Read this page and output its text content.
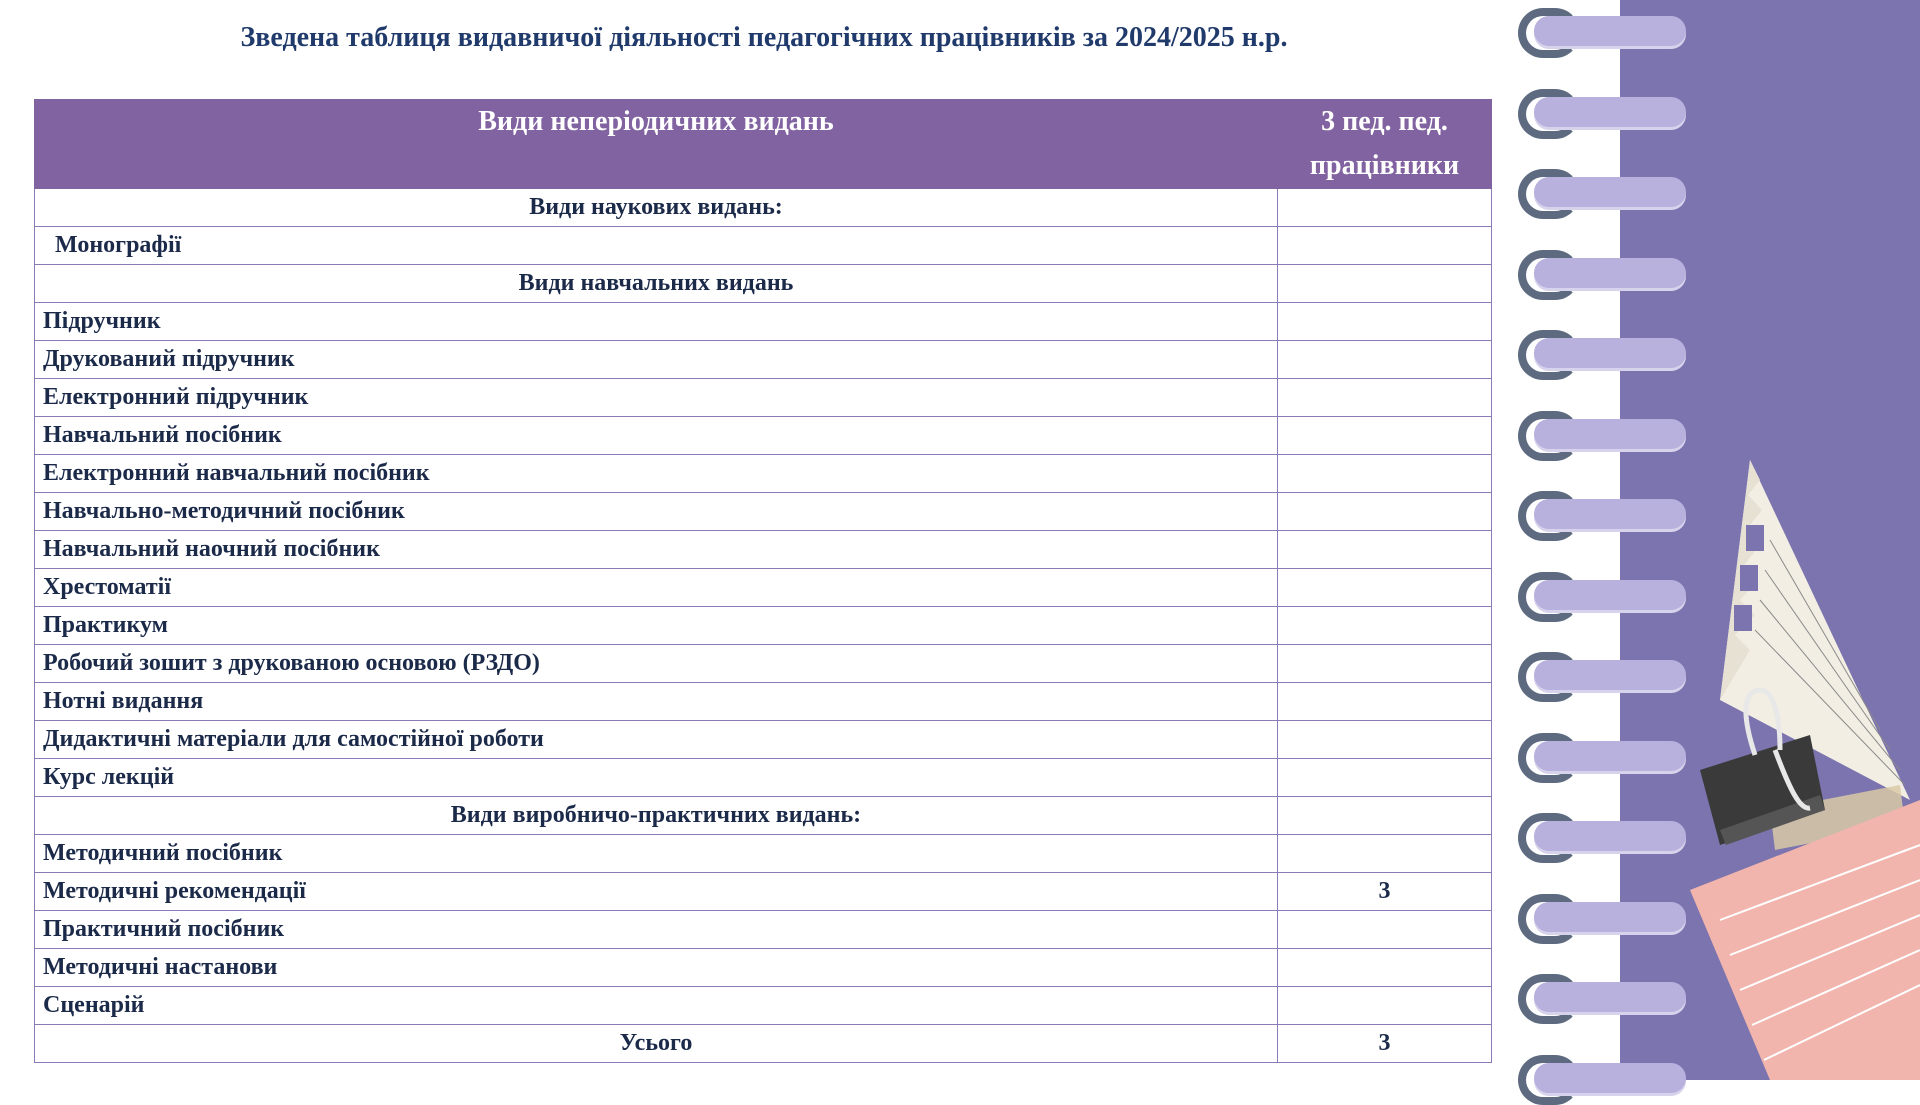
Зведена таблиця видавничої діяльності педагогічних працівників за 2024/2025 н.р.
Види неперіодичних видань	3 пед. пед. працівники
Види наукових видань:	
Монографії	
Види навчальних видань	
Підручник	
Друкований підручник	
Електронний підручник	
Навчальний посібник	
Електронний навчальний посібник	
Навчально-методичний посібник	
Навчальний наочний посібник	
Хрестоматії	
Практикум	
Робочий зошит з друкованою основою (РЗДО)	
Нотні видання	
Дидактичні матеріали для самостійної роботи	
Курс лекцій	
Види виробничо-практичних видань:	
Методичний посібник	
Методичні рекомендації	3
Практичний посібник	
Методичні настанови	
Сценарій	
Усього	3
